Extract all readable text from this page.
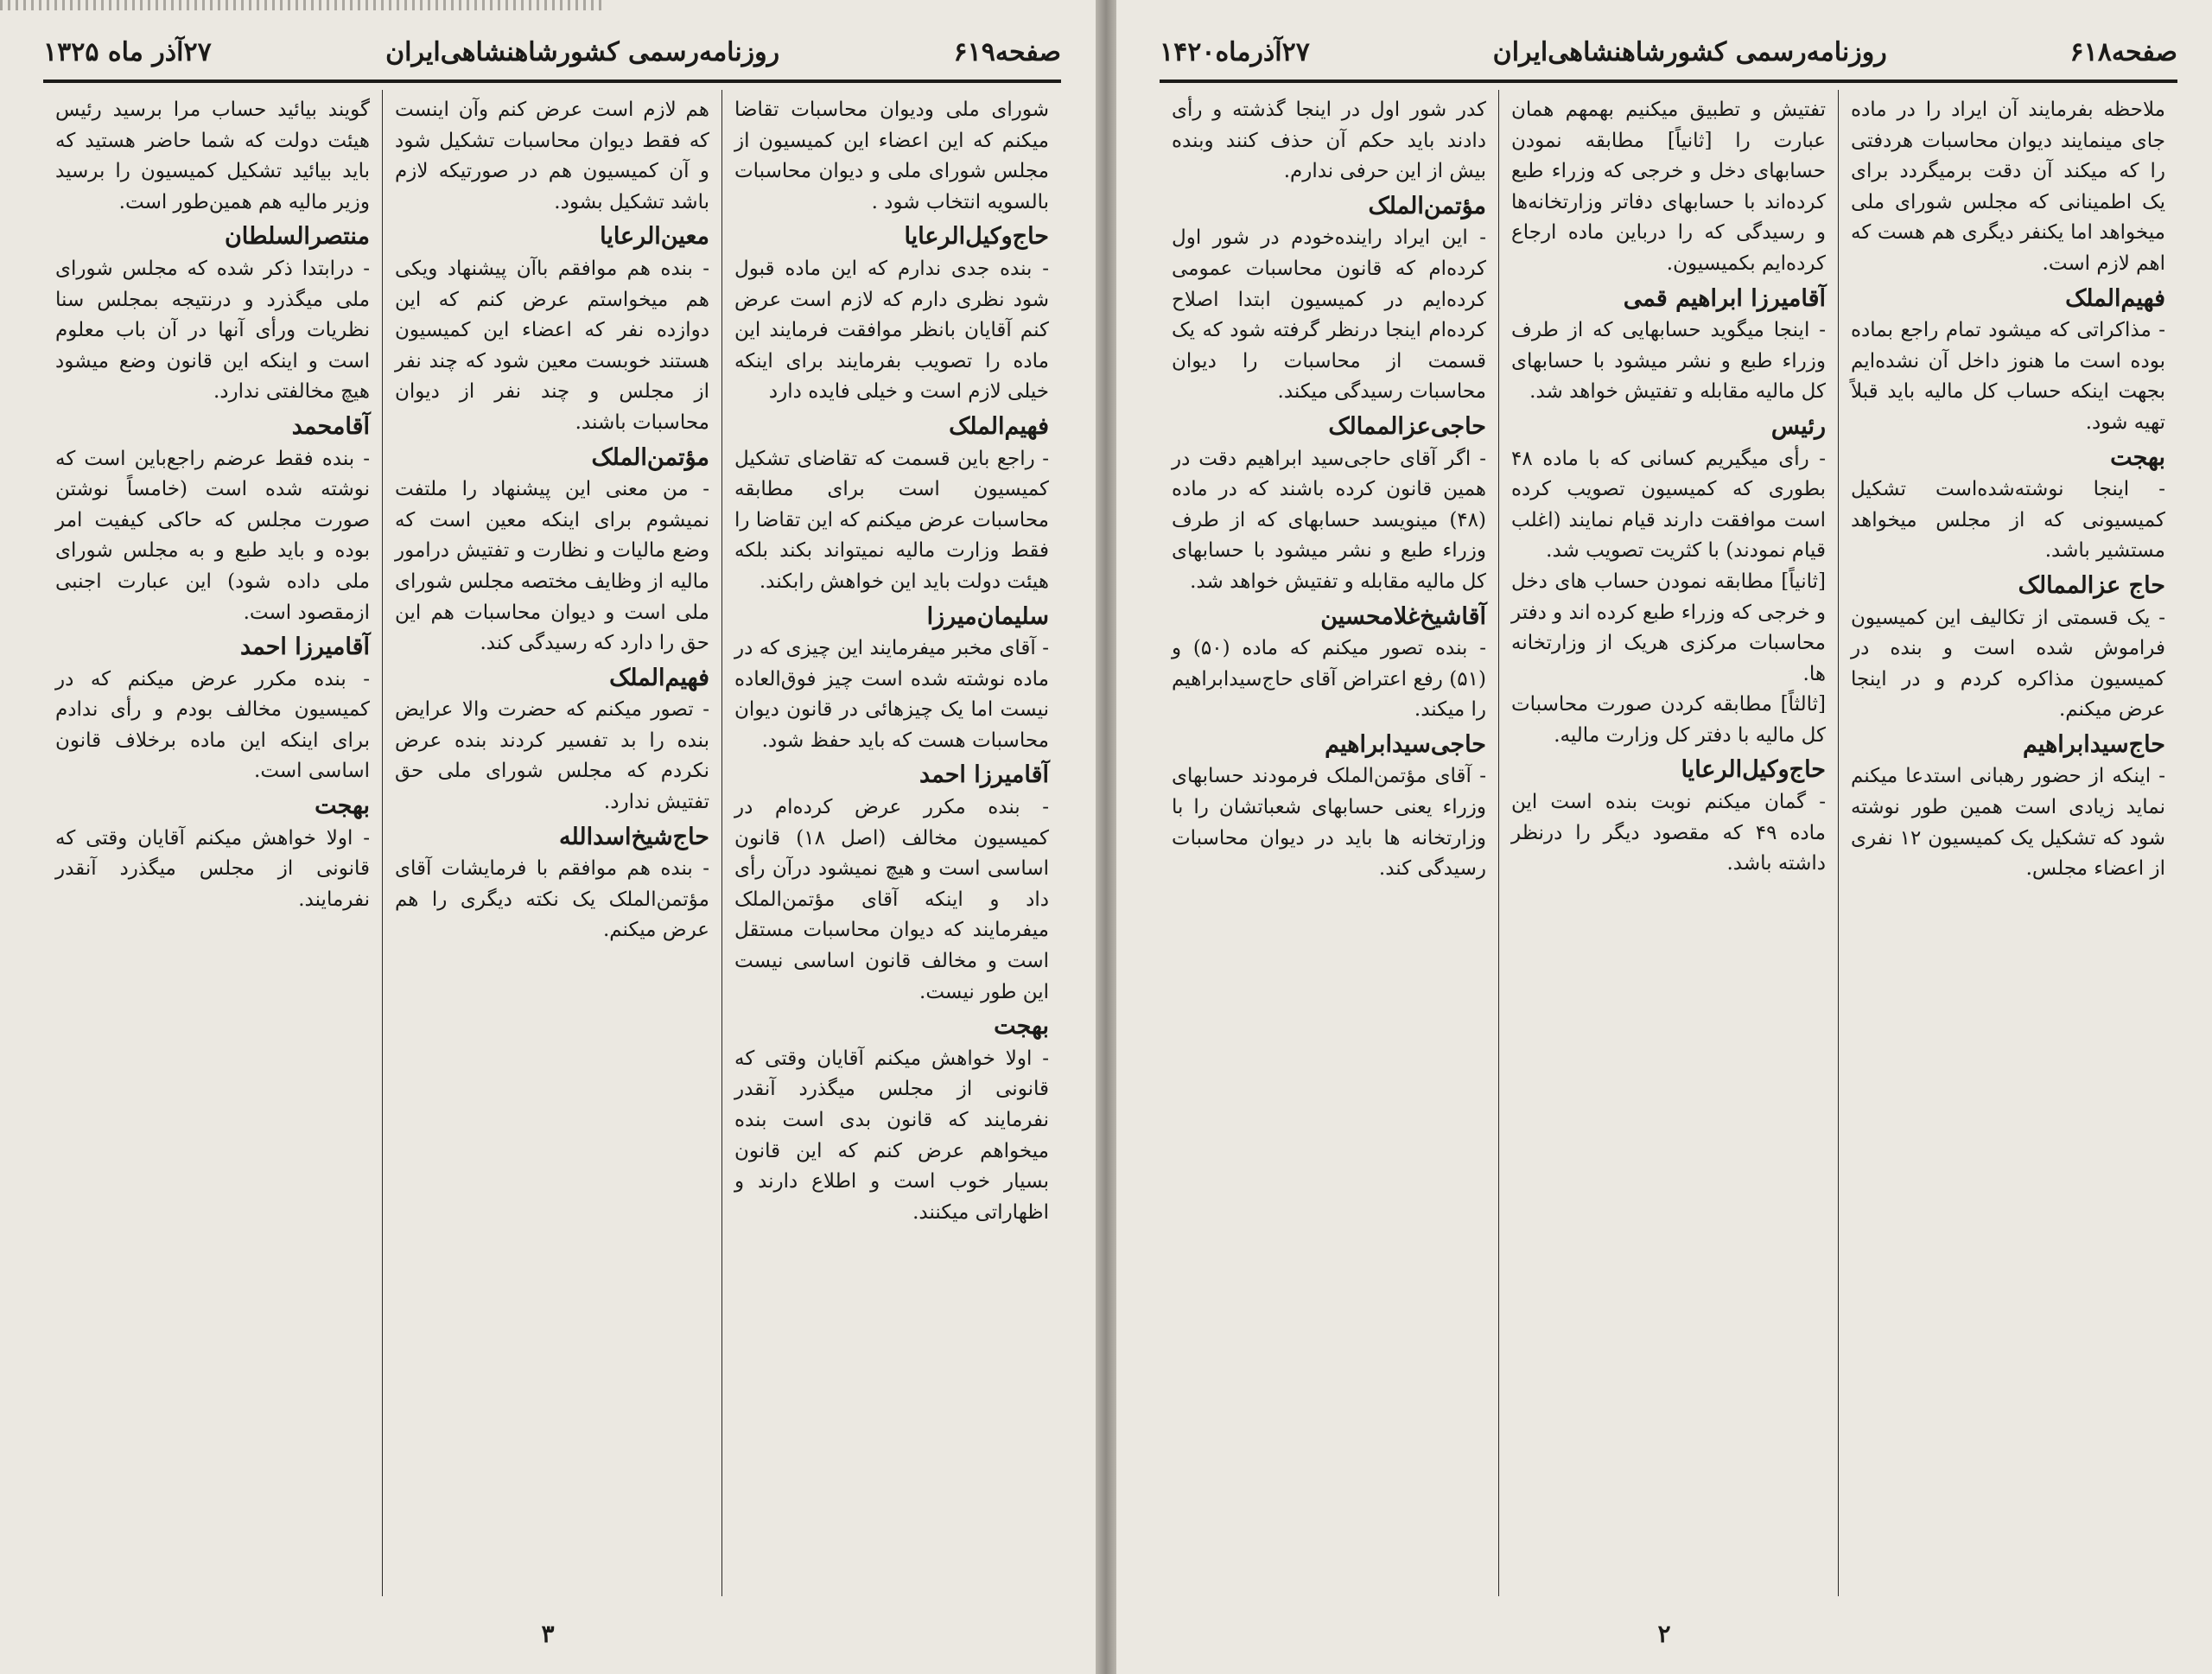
صفحه۶۱۹
روزنامه‌رسمی کشورشاهنشاهی‌ایران
۲۷آذر ماه ۱۳۲۵

شورای ملی ودیوان محاسبات تقاضا میکنم که این اعضاء این کمیسیون از مجلس شورای ملی و دیوان محاسبات بالسویه انتخاب شود .

حاج‌وکیل‌الرعایا

- بنده جدی ندارم که این ماده قبول شود نظری دارم که لازم است عرض کنم آقایان بانظر موافقت فرمایند این ماده را تصویب بفرمایند برای اینکه خیلی لازم است و خیلی فایده دارد

فهیم‌الملک

- راجع باین قسمت که تقاضای تشکیل کمیسیون است برای مطابقه محاسبات عرض میکنم که این تقاضا را فقط وزارت مالیه نمیتواند بکند بلکه هیئت دولت باید این خواهش رابکند.

سلیمان‌میرزا

- آقای مخبر میفرمایند این چیزی که در ماده نوشته شده است چیز فوق‌العاده نیست اما یک چیزهائی در قانون دیوان محاسبات هست که باید حفظ شود.

آقامیرزا احمد

- بنده مکرر عرض کرده‌ام در کمیسیون مخالف (اصل ۱۸) قانون اساسی است و هیچ نمیشود درآن رأی داد و اینکه آقای مؤتمن‌الملک میفرمایند که دیوان محاسبات مستقل است و مخالف قانون اساسی نیست این طور نیست.

بهجت

- اولا خواهش میکنم آقایان وقتی که قانونی از مجلس میگذرد آنقدر نفرمایند که قانون بدی است بنده میخواهم عرض کنم که این قانون بسیار خوب است و اطلاع دارند و اظهاراتی میکنند.

هم لازم است عرض کنم وآن اینست که فقط دیوان محاسبات تشکیل شود و آن کمیسیون هم در صورتیکه لازم باشد تشکیل بشود.

معین‌الرعایا

- بنده هم موافقم باآن پیشنهاد ویکی هم میخواستم عرض کنم که این دوازده نفر که اعضاء این کمیسیون هستند خوبست معین شود که چند نفر از مجلس و چند نفر از دیوان محاسبات باشند.

مؤتمن‌الملک

- من معنی این پیشنهاد را ملتفت نمیشوم برای اینکه معین است که وضع مالیات و نظارت و تفتیش درامور مالیه از وظایف مختصه مجلس شورای ملی است و دیوان محاسبات هم این حق را دارد که رسیدگی کند.

فهیم‌الملک

- تصور میکنم که حضرت والا عرایض بنده را بد تفسیر کردند بنده عرض نکردم که مجلس شورای ملی حق تفتیش ندارد.

حاج‌شیخ‌اسدالله

- بنده هم موافقم با فرمایشات آقای مؤتمن‌الملک یک نکته دیگری را هم عرض میکنم.

گویند بیائید حساب مرا برسید رئیس هیئت دولت که شما حاضر هستید که باید بیائید تشکیل کمیسیون را برسید وزیر مالیه هم همین‌طور است.

منتصرالسلطان

- درابتدا ذکر شده که مجلس شورای ملی میگذرد و درنتیجه بمجلس سنا نظریات ورأی آنها در آن باب معلوم است و اینکه این قانون وضع میشود هیچ مخالفتی ندارد.

آقامحمد

- بنده فقط عرضم راجع‌باین است که نوشته شده است (خامساً نوشتن صورت مجلس که حاکی کیفیت امر بوده و باید طبع و به مجلس شورای ملی داده شود) این عبارت اجنبی ازمقصود است.

آقامیرزا احمد

- بنده مکرر عرض میکنم که در کمیسیون مخالف بودم و رأی ندادم برای اینکه این ماده برخلاف قانون اساسی است.

بهجت

- اولا خواهش میکنم آقایان وقتی که قانونی از مجلس میگذرد آنقدر نفرمایند.

۳
صفحه۶۱۸
روزنامه‌رسمی کشورشاهنشاهی‌ایران
۲۷آذرماه۱۴۲۰

ملاحظه بفرمایند آن ایراد را در ماده جای مینمایند دیوان محاسبات هردفتی را که میکند آن دقت برمیگردد برای یک اطمینانی که مجلس شورای ملی میخواهد اما یکنفر دیگری هم هست که اهم لازم است.

فهیم‌الملک

- مذاکراتی که میشود تمام راجع بماده بوده است ما هنوز داخل آن نشده‌ایم بجهت اینکه حساب کل مالیه باید قبلاً تهیه شود.

بهجت

- اینجا نوشته‌شده‌است تشکیل کمیسیونی که از مجلس میخواهد مستشیر باشد.

حاج عزالممالک

- یک قسمتی از تکالیف این کمیسیون فراموش شده است و بنده در کمیسیون مذاکره کردم و در اینجا عرض میکنم.

حاج‌سیدابراهیم

- اینکه از حضور رهبانی استدعا میکنم نماید زیادی است همین طور نوشته شود که تشکیل یک کمیسیون ۱۲ نفری از اعضاء مجلس.

تفتیش و تطبیق میکنیم بهمهم همان عبارت را [ثانیاً] مطابقه نمودن حسابهای دخل و خرجی که وزراء طبع کرده‌اند با حسابهای دفاتر وزارتخانه‌ها و رسیدگی که را درباین ماده ارجاع کرده‌ایم بکمیسیون.

آقامیرزا ابراهیم قمی

- اینجا میگوید حسابهایی که از طرف وزراء طبع و نشر میشود با حسابهای کل مالیه مقابله و تفتیش خواهد شد.

رئیس

- رأی میگیریم کسانی که با ماده ۴۸ بطوری که کمیسیون تصویب کرده است موافقت دارند قیام نمایند (اغلب قیام نمودند) با کثریت تصویب شد.

[ثانیاً] مطابقه نمودن حساب های دخل و خرجی که وزراء طبع کرده اند و دفتر محاسبات مرکزی هریک از وزارتخانه ها.

[ثالثاً] مطابقه کردن صورت محاسبات کل مالیه با دفتر کل وزارت مالیه.

حاج‌وکیل‌الرعایا

- گمان میکنم نوبت بنده است این ماده ۴۹ که مقصود دیگر را درنظر داشته باشد.

کدر شور اول در اینجا گذشته و رأی دادند باید حکم آن حذف کنند وبنده بیش از این حرفی ندارم.

مؤتمن‌الملک

- این ایراد راینده‌خودم در شور اول کرده‌ام که قانون محاسبات عمومی کرده‌ایم در کمیسیون ابتدا اصلاح کرده‌ام اینجا درنظر گرفته شود که یک قسمت از محاسبات را دیوان محاسبات رسیدگی میکند.

حاجی‌عزالممالک

- اگر آقای حاجی‌سید ابراهیم دقت در همین قانون کرده باشند که در ماده (۴۸) مینویسد حسابهای که از طرف وزراء طبع و نشر میشود با حسابهای کل مالیه مقابله و تفتیش خواهد شد.

آقاشیخ‌غلامحسین

- بنده تصور میکنم که ماده (۵۰) و (۵۱) رفع اعتراض آقای حاج‌سیدابراهیم را میکند.

حاجی‌سیدابراهیم

- آقای مؤتمن‌الملک فرمودند حسابهای وزراء یعنی حسابهای شعباتشان را با وزارتخانه ها باید در دیوان محاسبات رسیدگی کند.

۲
